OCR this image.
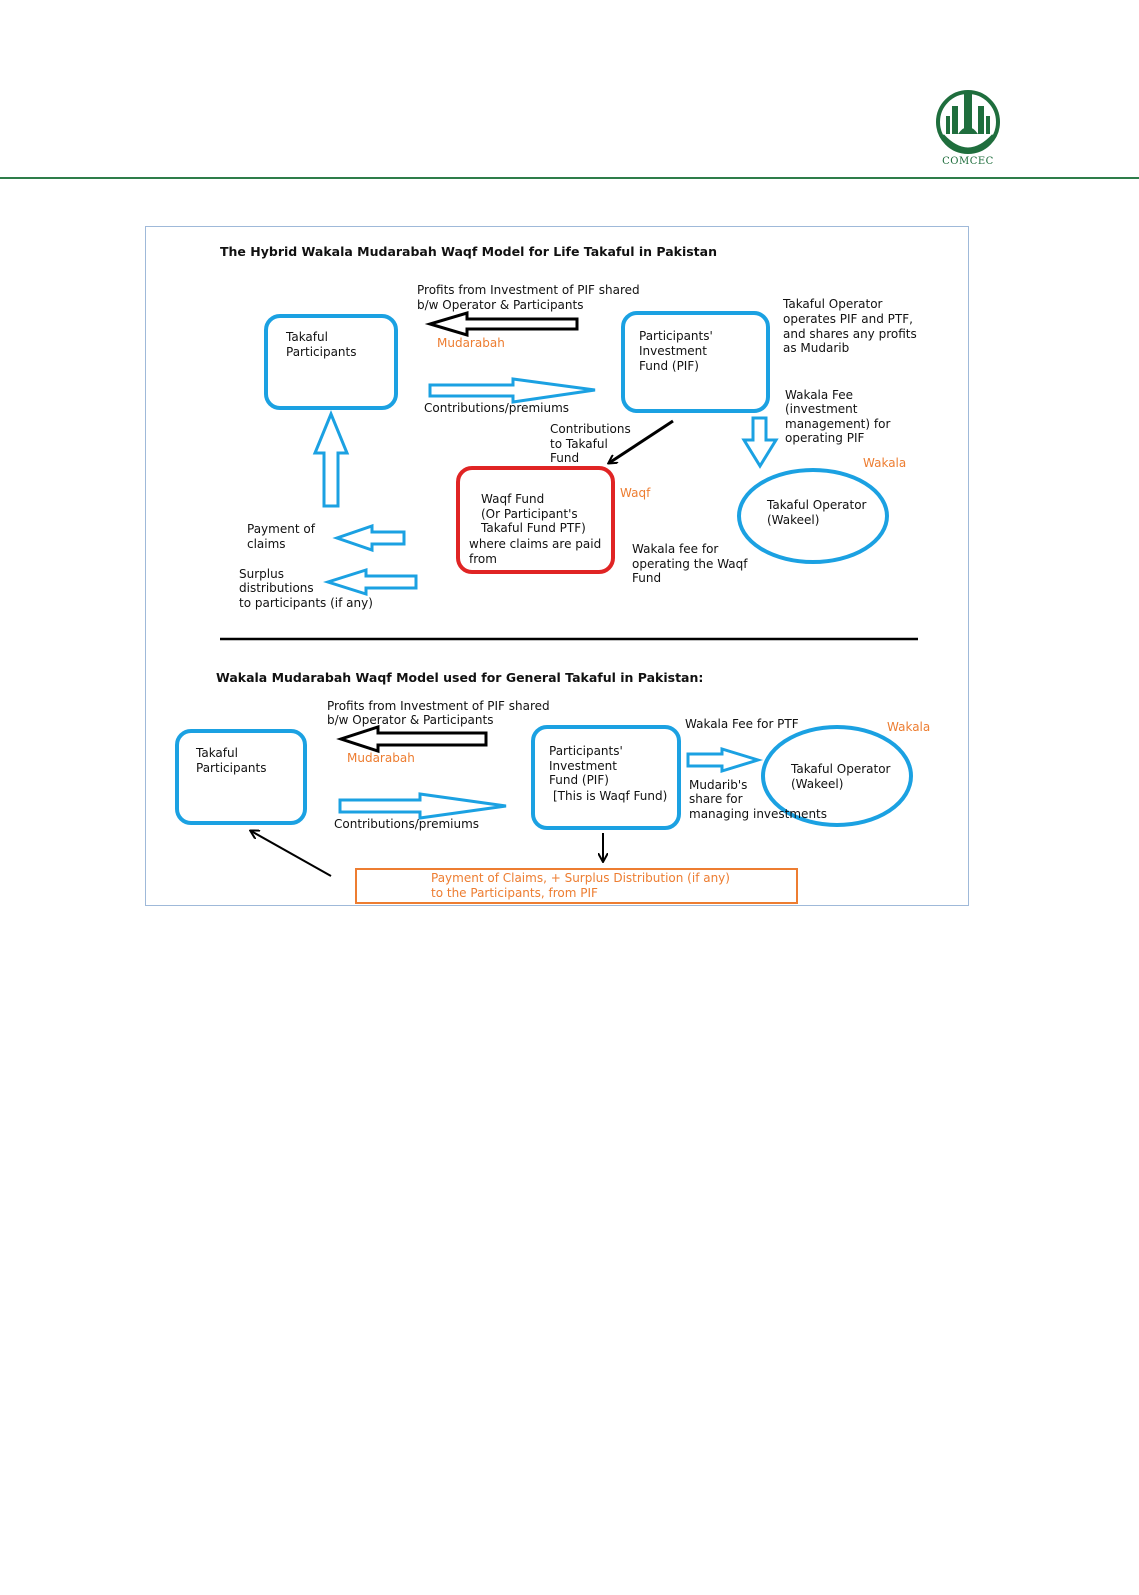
COMCEC
The Hybrid Wakala Mudarabah Waqf Model for Life Takaful in Pakistan
Profits from Investment of PIF shared b/w Operator & Participants
Takaful Participants
Mudarabah	Participants' Investment Fund (PIF)
Takaful Operator operates PIF and PTF, and shares any profits as Mudarib
Contributions/premiums
Wakala Fee (investment management) for operating PIF
Contributions to Takaful Fund	Wakala
Waqf Fund (Or Participant's Takaful Fund PTF) where claims are paid from
Waqf
Takaful Operator (Wakeel)
Wakala fee for operating the Waqf Fund
Payment of claims
Surplus distributions to participants (if any)
Wakala Mudarabah Waqf Model used for General Takaful in Pakistan:
Profits from Investment of PIF shared b/w Operator & Participants
Takaful Participants
Mudarabah	Participants' Investment Fund (PIF) [This is Waqf Fund)
Contributions/premiums
Wakala Fee for PTF	Wakala
Takaful Operator (Wakeel)
Mudarib's share for managing investments
Payment of Claims, + Surplus Distribution (if any) to the Participants, from PIF
